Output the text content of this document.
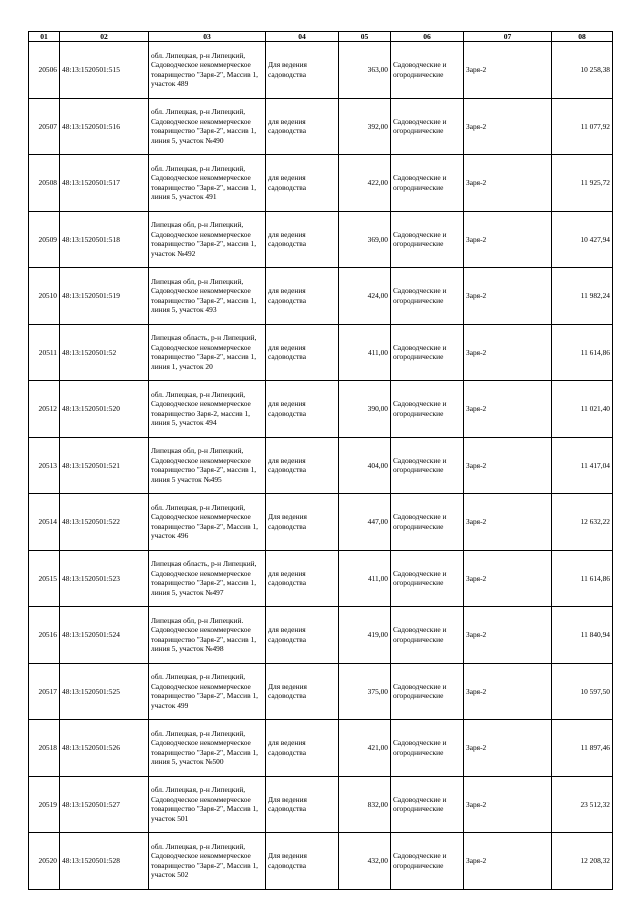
01	02	03	04	05	06	07	08
20506	48:13:1520501:515	обл. Липецкая, р-н Липецкий, Садоводческое некоммерческое товарищество "Заря-2", Массив 1, участок 489	Для ведения садоводства	363,00	Садоводческие и огороднические	Заря-2	10 258,38
20507	48:13:1520501:516	обл. Липецкая, р-н Липецкий, Садоводческое некоммерческое товарищество "Заря-2", массив 1, линия 5, участок №490	для ведения садоводства	392,00	Садоводческие и огороднические	Заря-2	11 077,92
20508	48:13:1520501:517	обл. Липецкая, р-н Липецкий, Садоводческое некоммерческое товарищество "Заря-2", массив 1, линия 5, участок 491	для ведения садоводства	422,00	Садоводческие и огороднические	Заря-2	11 925,72
20509	48:13:1520501:518	Липецкая обл, р-н Липецкий, Садоводческое некоммерческое товарищество "Заря-2", массив 1, участок №492	для ведения садоводства	369,00	Садоводческие и огороднические	Заря-2	10 427,94
20510	48:13:1520501:519	Липецкая обл, р-н Липецкий, Садоводческое некоммерческое товарищество "Заря-2", массив 1, линия 5, участок 493	для ведения садоводства	424,00	Садоводческие и огороднические	Заря-2	11 982,24
20511	48:13:1520501:52	Липецкая область, р-н Липецкий, Садоводческое некоммерческое товарищество "Заря-2", массив 1, линия 1, участок 20	для ведения садоводства	411,00	Садоводческие и огороднические	Заря-2	11 614,86
20512	48:13:1520501:520	обл. Липецкая, р-н Липецкий, Садоводческое некоммерческое товарищество Заря-2, массив 1, линия 5, участок 494	для ведения садоводства	390,00	Садоводческие и огороднические	Заря-2	11 021,40
20513	48:13:1520501:521	Липецкая обл, р-н Липецкий, Садоводческое некоммерческое товарищество "Заря-2", массив 1, линия 5 участок №495	для ведения садоводства	404,00	Садоводческие и огороднические	Заря-2	11 417,04
20514	48:13:1520501:522	обл. Липецкая, р-н Липецкий, Садоводческое некоммерческое товарищество "Заря-2", Массив 1, участок 496	Для ведения садоводства	447,00	Садоводческие и огороднические	Заря-2	12 632,22
20515	48:13:1520501:523	Липецкая область, р-н Липецкий, Садоводческое некоммерческое товарищество "Заря-2", массив 1, линия 5, участок №497	для ведения садоводства	411,00	Садоводческие и огороднические	Заря-2	11 614,86
20516	48:13:1520501:524	Липецкая обл, р-н Липецкий. Садоводческое некоммерческое товарищество "Заря-2", массив 1, линия 5, участок №498	для ведения садоводства	419,00	Садоводческие и огороднические	Заря-2	11 840,94
20517	48:13:1520501:525	обл. Липецкая, р-н Липецкий, Садоводческое некоммерческое товарищество "Заря-2", Массив 1, участок 499	Для ведения садоводства	375,00	Садоводческие и огороднические	Заря-2	10 597,50
20518	48:13:1520501:526	обл. Липецкая, р-н Липецкий, Садоводческое некоммерческое товарищество "Заря-2", Массив 1, линия 5, участок №500	для ведения садоводства	421,00	Садоводческие и огороднические	Заря-2	11 897,46
20519	48:13:1520501:527	обл. Липецкая, р-н Липецкий, Садоводческое некоммерческое товарищество "Заря-2", Массив 1, участок 501	Для ведения садоводства	832,00	Садоводческие и огороднические	Заря-2	23 512,32
20520	48:13:1520501:528	обл. Липецкая, р-н Липецкий, Садоводческое некоммерческое товарищество "Заря-2", Массив 1, участок 502	Для ведения садоводства	432,00	Садоводческие и огороднические	Заря-2	12 208,32
